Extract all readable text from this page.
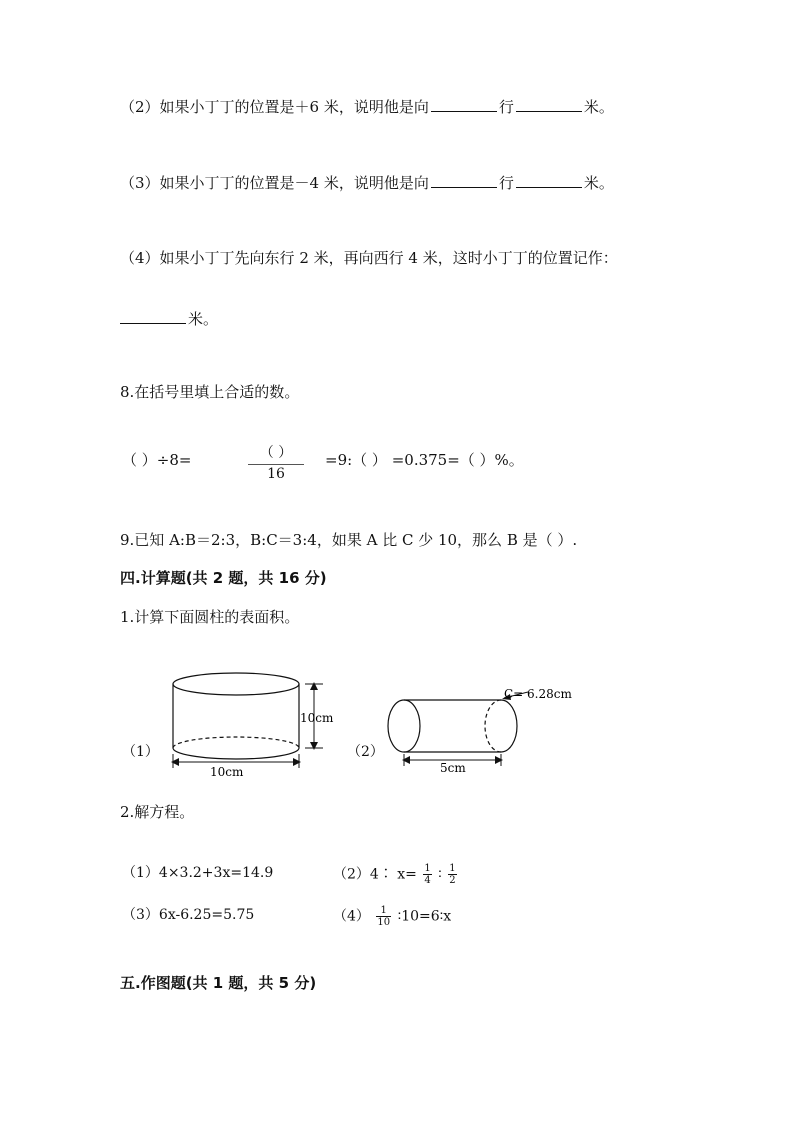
（2）如果小丁丁的位置是＋6 米，说明他是向	行	米。
（3）如果小丁丁的位置是－4 米，说明他是向	行	米。
（4）如果小丁丁先向东行 2 米，再向西行 4 米，这时小丁丁的位置记作：
米。
8.在括号里填上合适的数。
（ ）÷8=	（ ）
16
=9:（ ） =0.375=（ ）%。
9.已知 A:B＝2:3，B:C＝3:4，如果 A 比 C 少 10，那么 B 是（ ）.
四.计算题(共 2 题，共 16 分)
1.计算下面圆柱的表面积。
10cm
10cm
C= 6.28cm
5cm
（1）	（2）
2.解方程。
（1）4×3.2+3x=14.9	（2）4∶ $x= \frac{1}{4}$ ∶ $\frac{1}{2}$
（3）6x-6.25=5.75	$(4) \frac{1}{10}$ ∶10=6∶x
五.作图题(共 1 题，共 5 分)
